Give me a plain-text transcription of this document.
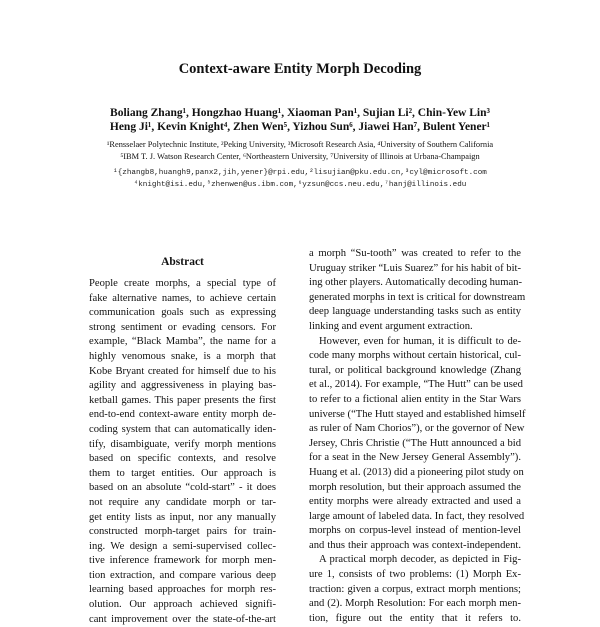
Context-aware Entity Morph Decoding
Boliang Zhang¹, Hongzhao Huang¹, Xiaoman Pan¹, Sujian Li², Chin-Yew Lin³
Heng Ji¹, Kevin Knight⁴, Zhen Wen⁵, Yizhou Sun⁶, Jiawei Han⁷, Bulent Yener¹
¹Rensselaer Polytechnic Institute, ²Peking University, ³Microsoft Research Asia, ⁴University of Southern California
⁵IBM T. J. Watson Research Center, ⁶Northeastern University, ⁷University of Illinois at Urbana-Champaign
¹{zhangb8,huangh9,panx2,jih,yener}@rpi.edu,²lisujian@pku.edu.cn,³cyl@microsoft.com
⁴knight@isi.edu,⁵zhenwen@us.ibm.com,⁶yzsun@ccs.neu.edu,⁷hanj@illinois.edu
Abstract
People create morphs, a special type of
fake alternative names, to achieve certain
communication goals such as expressing
strong sentiment or evading censors. For
example, “Black Mamba”, the name for a
highly venomous snake, is a morph that
Kobe Bryant created for himself due to his
agility and aggressiveness in playing bas-
ketball games. This paper presents the first
end-to-end context-aware entity morph de-
coding system that can automatically iden-
tify, disambiguate, verify morph mentions
based on specific contexts, and resolve
them to target entities. Our approach is
based on an absolute “cold-start” - it does
not require any candidate morph or tar-
get entity lists as input, nor any manually
constructed morph-target pairs for train-
ing. We design a semi-supervised collec-
tive inference framework for morph men-
tion extraction, and compare various deep
learning based approaches for morph res-
olution. Our approach achieved signifi-
cant improvement over the state-of-the-art
a morph “Su-tooth” was created to refer to the
Uruguay striker “Luis Suarez” for his habit of bit-
ing other players. Automatically decoding human-
generated morphs in text is critical for downstream
deep language understanding tasks such as entity
linking and event argument extraction.
However, even for human, it is difficult to de-
code many morphs without certain historical, cul-
tural, or political background knowledge (Zhang
et al., 2014). For example, “The Hutt” can be used
to refer to a fictional alien entity in the Star Wars
universe (“The Hutt stayed and established himself
as ruler of Nam Chorios”), or the governor of New
Jersey, Chris Christie (“The Hutt announced a bid
for a seat in the New Jersey General Assembly”).
Huang et al. (2013) did a pioneering pilot study on
morph resolution, but their approach assumed the
entity morphs were already extracted and used a
large amount of labeled data. In fact, they resolved
morphs on corpus-level instead of mention-level
and thus their approach was context-independent.
A practical morph decoder, as depicted in Fig-
ure 1, consists of two problems: (1) Morph Ex-
traction: given a corpus, extract morph mentions;
and (2). Morph Resolution: For each morph men-
tion, figure out the entity that it refers to.
